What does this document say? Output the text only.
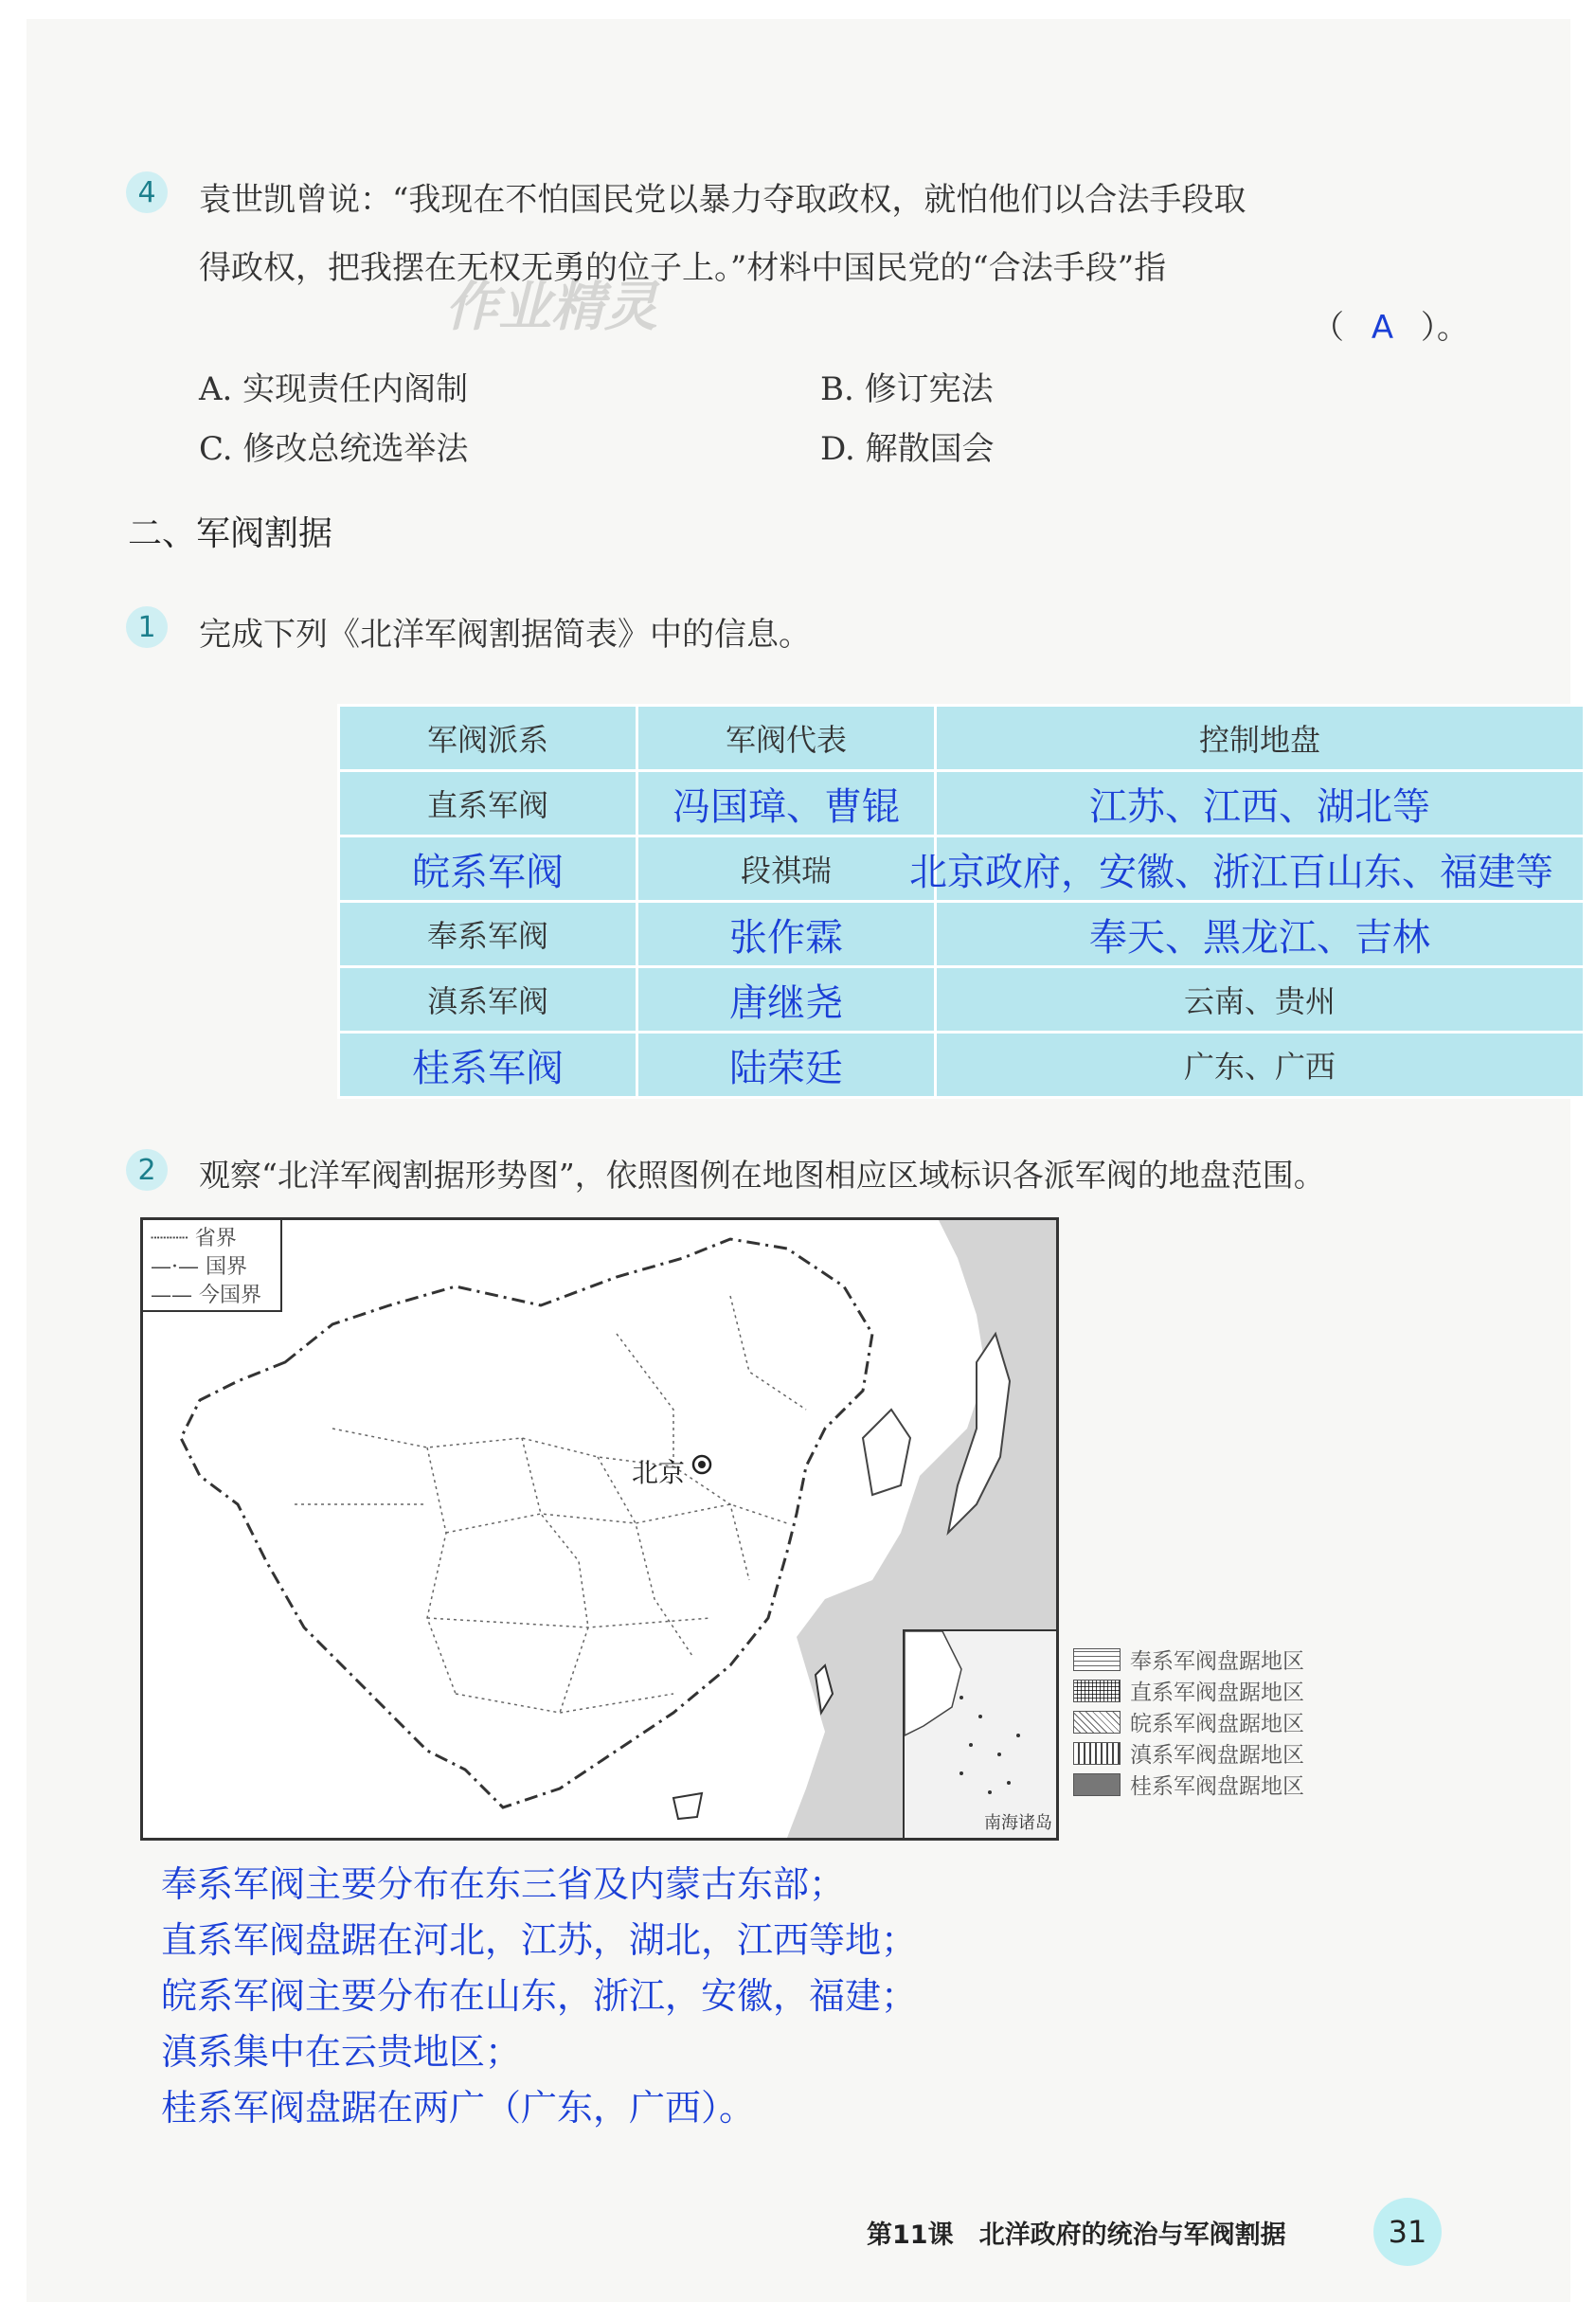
作业精灵
4	袁世凯曾说：“我现在不怕国民党以暴力夺取政权，就怕他们以合法手段取
得政权，把我摆在无权无勇的位子上。”材料中国民党的“合法手段”指
（ A ）。
A. 实现责任内阁制	B. 修订宪法
C. 修改总统选举法	D. 解散国会
二、军阀割据
1	完成下列《北洋军阀割据简表》中的信息。
军阀派系	军阀代表	控制地盘
直系军阀	冯国璋、曹锟	江苏、江西、湖北等
皖系军阀	段祺瑞	北京政府，安徽、浙江百山东、福建等
奉系军阀	张作霖	奉天、黑龙江、吉林
滇系军阀	唐继尧	云南、贵州
桂系军阀	陆荣廷	广东、广西
2	观察“北洋军阀割据形势图”，依照图例在地图相应区域标识各派军阀的地盘范围。
┈┈┈ 省界
—·— 国界
—— 今国界
北京
南海诸岛
奉系军阀盘踞地区
直系军阀盘踞地区
皖系军阀盘踞地区
滇系军阀盘踞地区
桂系军阀盘踞地区
奉系军阀主要分布在东三省及内蒙古东部；
直系军阀盘踞在河北，江苏，湖北，江西等地；
皖系军阀主要分布在山东，浙江，安徽，福建；
滇系集中在云贵地区；
桂系军阀盘踞在两广（广东，广西）。
第11课　北洋政府的统治与军阀割据	31
